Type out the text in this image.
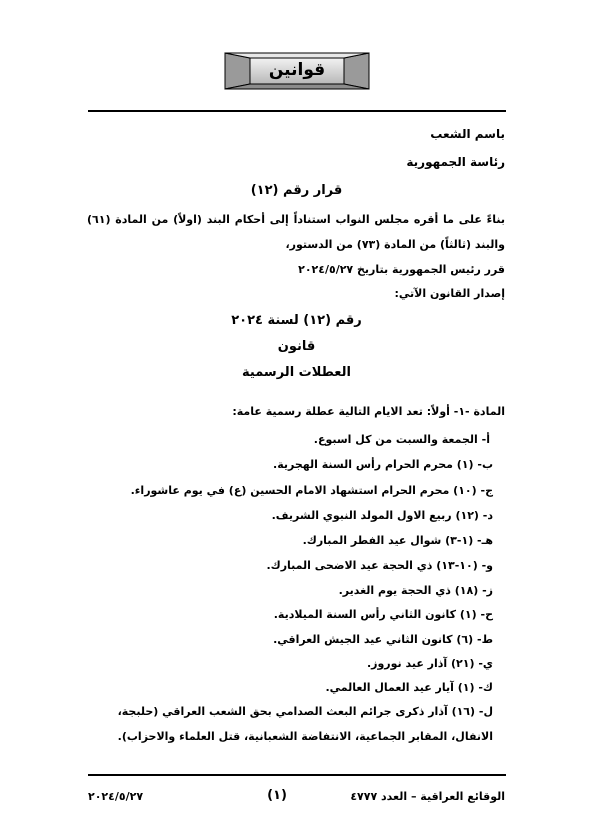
قوانين
باسم الشعب
رئاسة الجمهورية
قرار رقم (١٢)
بناءً على ما أقره مجلس النواب استناداً إلى أحكام البند (اولاً) من المادة (٦١)
والبند (ثالثاً) من المادة (٧٣) من الدستور،
قرر رئيس الجمهورية بتاريخ ٢٠٢٤/٥/٢٧
إصدار القانون الآتي:
رقم (١٢) لسنة ٢٠٢٤
قانون
العطلات الرسمية
المادة -١- أولاً: تعد الايام التالية عطلة رسمية عامة:
أ- الجمعة والسبت من كل اسبوع.
ب- (١) محرم الحرام رأس السنة الهجرية.
ج- (١٠) محرم الحرام استشهاد الامام الحسين (ع) في يوم عاشوراء.
د- (١٢) ربيع الاول المولد النبوي الشريف.
هـ- (١-٣) شوال عيد الفطر المبارك.
و- (١٠-١٣) ذي الحجة عيد الاضحى المبارك.
ز- (١٨) ذي الحجة يوم الغدير.
ح- (١) كانون الثاني رأس السنة الميلادية.
ط- (٦) كانون الثاني عيد الجيش العراقي.
ي- (٢١) آذار عيد نوروز.
ك- (١) آيار عيد العمال العالمي.
ل- (١٦) آذار ذكرى جرائم البعث الصدامي بحق الشعب العراقي (حلبجة،
الانفال، المقابر الجماعية، الانتفاضة الشعبانية، قتل العلماء والاحزاب).
٢٠٢٤/٥/٢٧	(١)	الوقائع العراقية – العدد ٤٧٧٧
